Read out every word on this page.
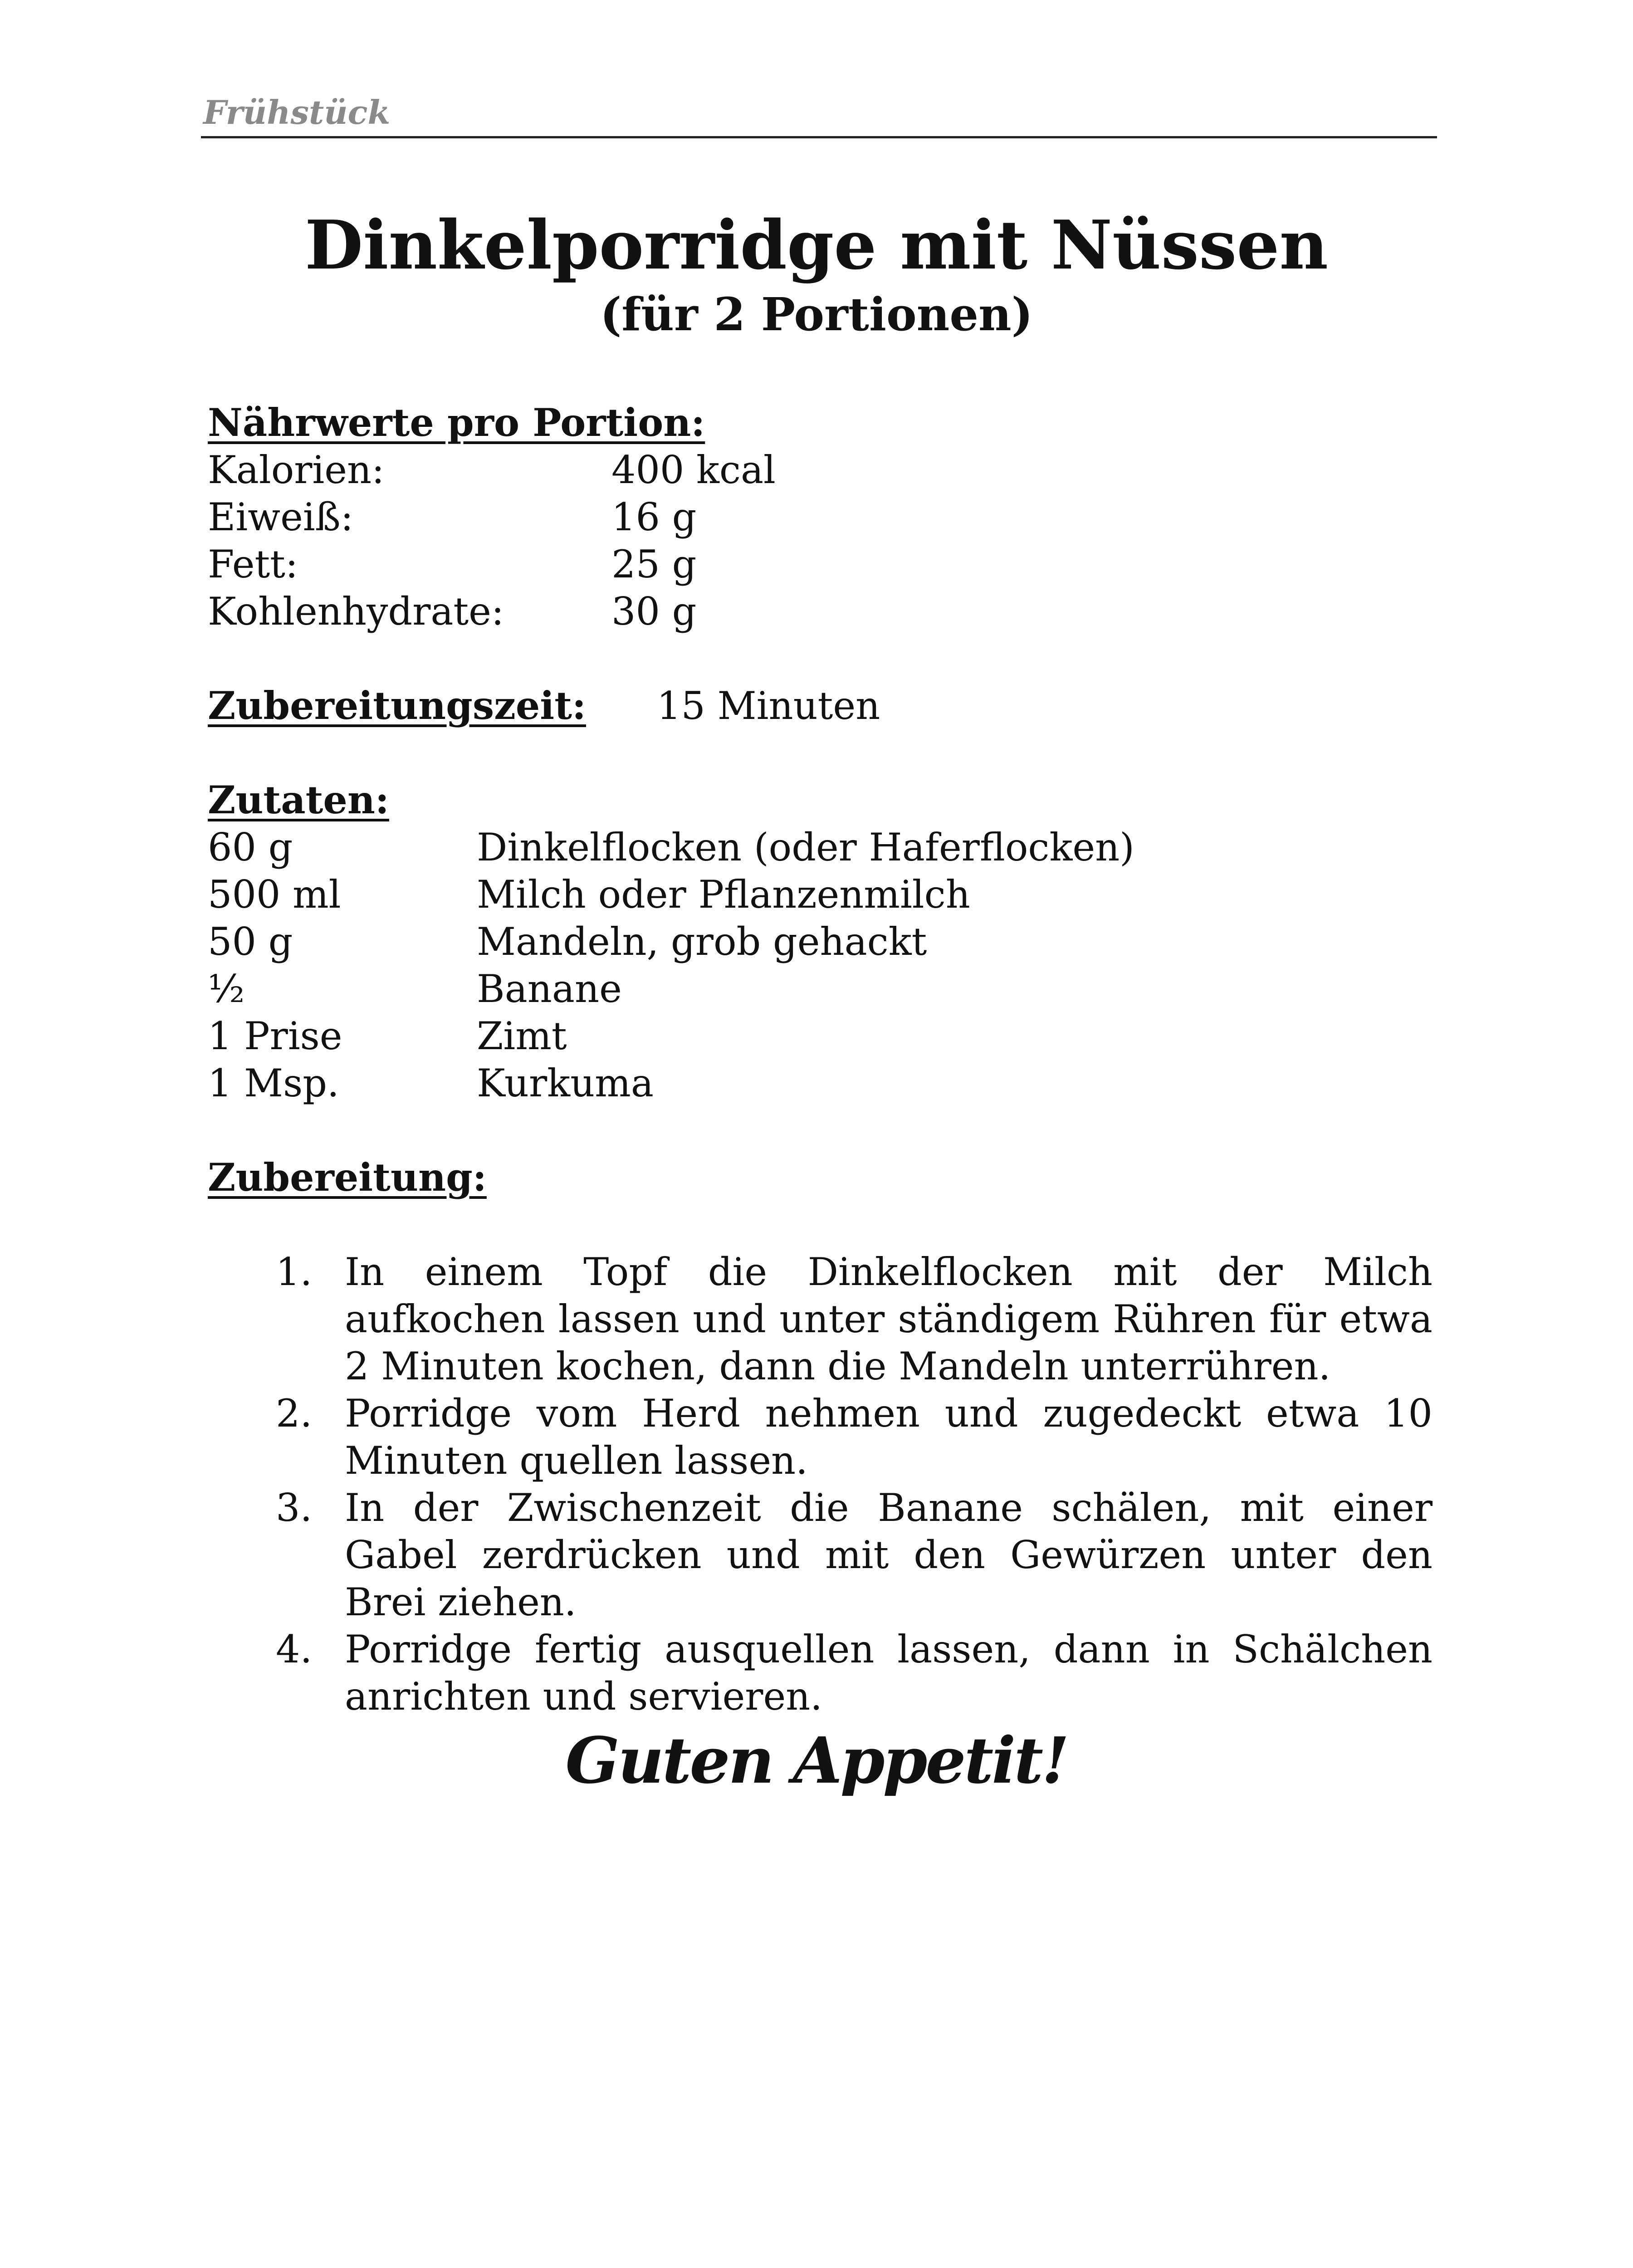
Frühstück
Dinkelporridge mit Nüssen
(für 2 Portionen)
Nährwerte pro Portion:
Kalorien:	400 kcal
Eiweiß:	16 g
Fett:	25 g
Kohlenhydrate:	30 g
Zubereitungszeit:	15 Minuten
Zutaten:
60 g	Dinkelflocken (oder Haferflocken)
500 ml	Milch oder Pflanzenmilch
50 g	Mandeln, grob gehackt
½	Banane
1 Prise	Zimt
1 Msp.	Kurkuma
Zubereitung:
1. In einem Topf die Dinkelflocken mit der Milch aufkochen lassen und unter ständigem Rühren für etwa 2 Minuten kochen, dann die Mandeln unterrühren.
2. Porridge vom Herd nehmen und zugedeckt etwa 10 Minuten quellen lassen.
3. In der Zwischenzeit die Banane schälen, mit einer Gabel zerdrücken und mit den Gewürzen unter den Brei ziehen.
4. Porridge fertig ausquellen lassen, dann in Schälchen anrichten und servieren.
Guten Appetit!
